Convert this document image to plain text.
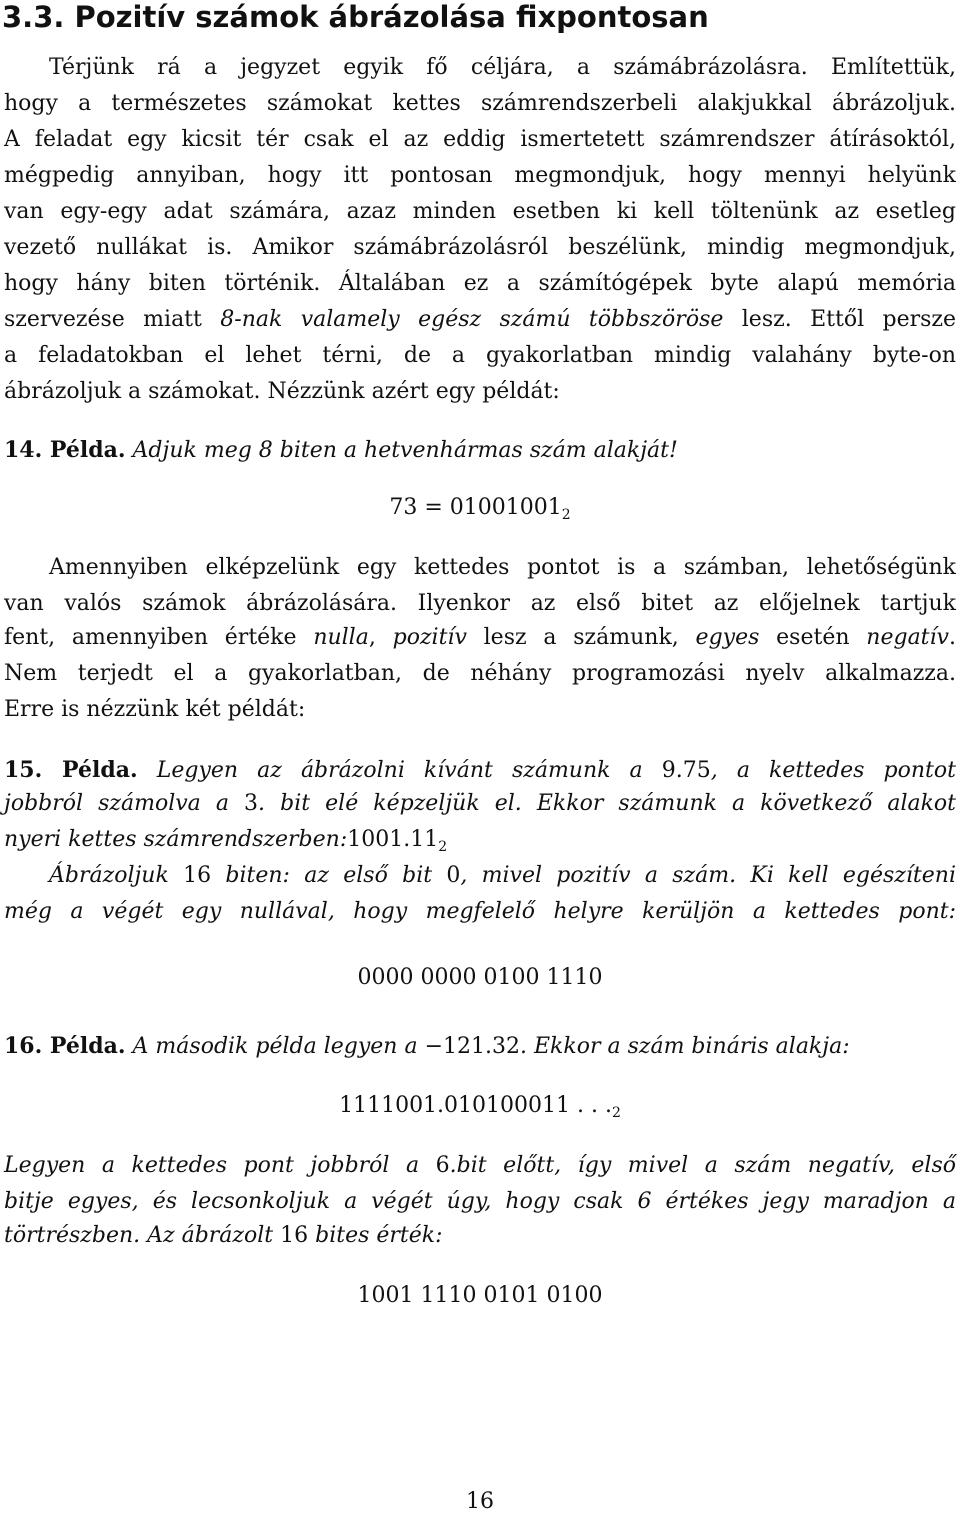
3.3. Pozitív számok ábrázolása fixpontosan
Térjünk rá a jegyzet egyik fő céljára, a számábrázolásra. Említettük,
hogy a természetes számokat kettes számrendszerbeli alakjukkal ábrázoljuk.
A feladat egy kicsit tér csak el az eddig ismertetett számrendszer átírásoktól,
mégpedig annyiban, hogy itt pontosan megmondjuk, hogy mennyi helyünk
van egy-egy adat számára, azaz minden esetben ki kell töltenünk az esetleg
vezető nullákat is. Amikor számábrázolásról beszélünk, mindig megmondjuk,
hogy hány biten történik. Általában ez a számítógépek byte alapú memória
szervezése miatt 8-nak valamely egész számú többszöröse lesz. Ettől persze
a feladatokban el lehet térni, de a gyakorlatban mindig valahány byte-on
ábrázoljuk a számokat. Nézzünk azért egy példát:
14. Példa. Adjuk meg 8 biten a hetvenhármas szám alakját!
$73 = 01001001_2$
Amennyiben elképzelünk egy kettedes pontot is a számban, lehetőségünk
van valós számok ábrázolására. Ilyenkor az első bitet az előjelnek tartjuk
fent, amennyiben értéke nulla, pozitív lesz a számunk, egyes esetén negatív.
Nem terjedt el a gyakorlatban, de néhány programozási nyelv alkalmazza.
Erre is nézzünk két példát:
15. Példa. Legyen az ábrázolni kívánt számunk a 9.75, a kettedes pontot
jobbról számolva a 3. bit elé képzeljük el. Ekkor számunk a következő alakot
nyeri kettes $számrendszerben:1001.11_2$
Ábrázoljuk 16 biten: az első bit 0, mivel pozitív a szám. Ki kell egészíteni
még a végét egy nullával, hogy megfelelő helyre kerüljön a kettedes pont:
0000 0000 0100 1110
16. Példa. A második példa legyen a −121.32. Ekkor a szám bináris alakja:
1111001.010100011 . . $._2$
Legyen a kettedes pont jobbról a 6.bit előtt, így mivel a szám negatív, első
bitje egyes, és lecsonkoljuk a végét úgy, hogy csak 6 értékes jegy maradjon a
törtrészben. Az ábrázolt 16 bites érték:
1001 1110 0101 0100
16
